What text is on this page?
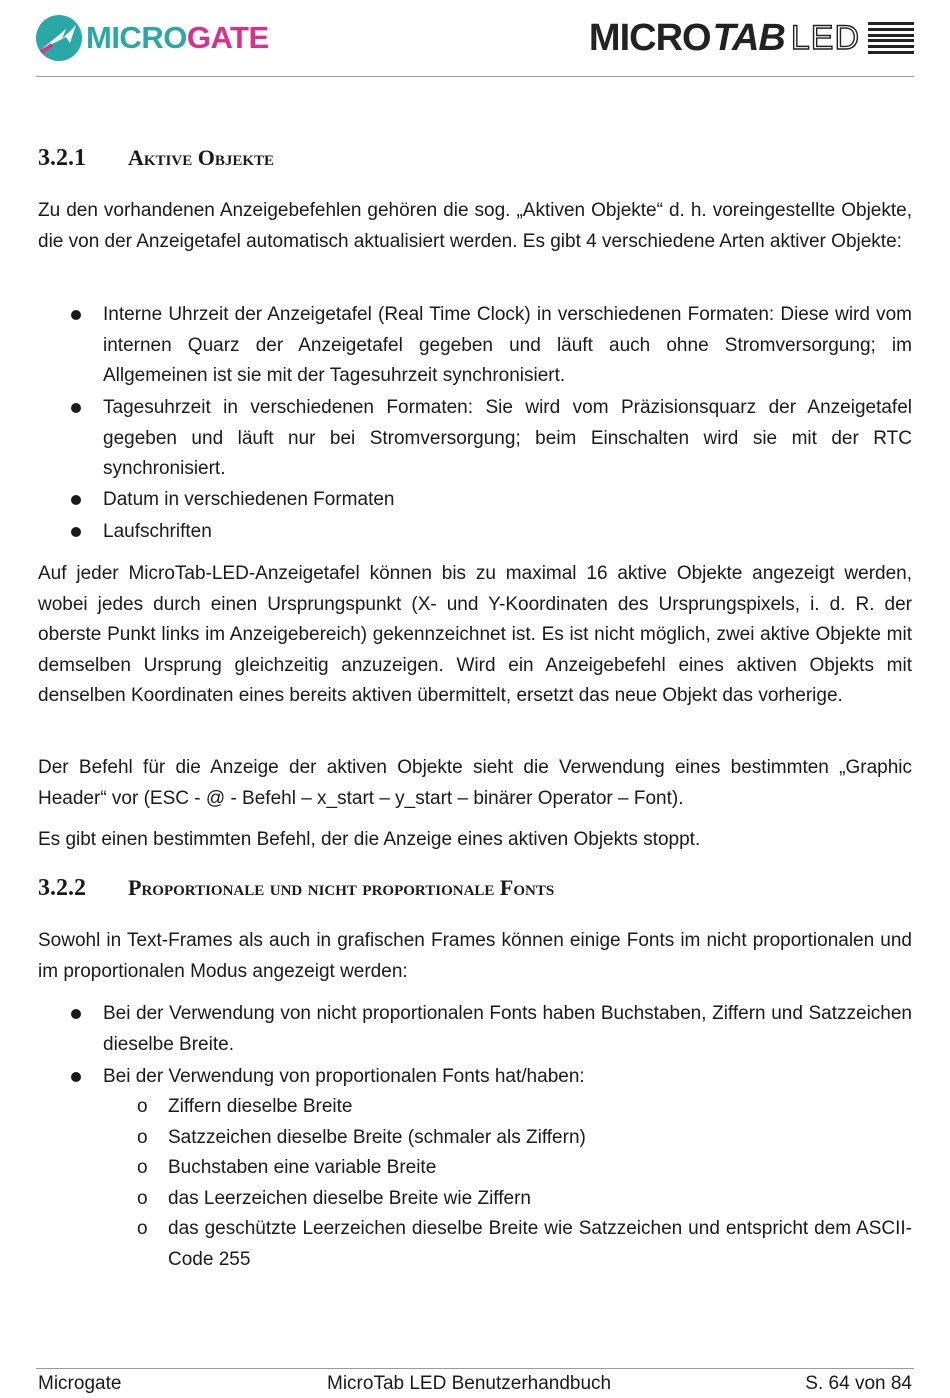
MICROGATE	MICRO TAB LED
3.2.1 Aktive Objekte

Zu den vorhandenen Anzeigebefehlen gehören die sog. „Aktiven Objekte“ d. h. voreingestellte Objekte, die von der Anzeigetafel automatisch aktualisiert werden. Es gibt 4 verschiedene Arten aktiver Objekte:

Interne Uhrzeit der Anzeigetafel (Real Time Clock) in verschiedenen Formaten: Diese wird vom internen Quarz der Anzeigetafel gegeben und läuft auch ohne Stromversorgung; im Allgemeinen ist sie mit der Tagesuhrzeit synchronisiert.

Tagesuhrzeit in verschiedenen Formaten: Sie wird vom Präzisionsquarz der Anzeigetafel gegeben und läuft nur bei Stromversorgung; beim Einschalten wird sie mit der RTC synchronisiert.

Datum in verschiedenen Formaten

Laufschriften

Auf jeder MicroTab-LED-Anzeigetafel können bis zu maximal 16 aktive Objekte angezeigt werden, wobei jedes durch einen Ursprungspunkt (X- und Y-Koordinaten des Ursprungspixels, i. d. R. der oberste Punkt links im Anzeigebereich) gekennzeichnet ist. Es ist nicht möglich, zwei aktive Objekte mit demselben Ursprung gleichzeitig anzuzeigen. Wird ein Anzeigebefehl eines aktiven Objekts mit denselben Koordinaten eines bereits aktiven übermittelt, ersetzt das neue Objekt das vorherige.

Der Befehl für die Anzeige der aktiven Objekte sieht die Verwendung eines bestimmten „Graphic Header“ vor (ESC - @ - Befehl – x_start – y_start – binärer Operator – Font).

Es gibt einen bestimmten Befehl, der die Anzeige eines aktiven Objekts stoppt.

3.2.2 Proportionale und nicht proportionale Fonts

Sowohl in Text-Frames als auch in grafischen Frames können einige Fonts im nicht proportionalen und im proportionalen Modus angezeigt werden:

Bei der Verwendung von nicht proportionalen Fonts haben Buchstaben, Ziffern und Satzzeichen dieselbe Breite.

Bei der Verwendung von proportionalen Fonts hat/haben:

o Ziffern dieselbe Breite

o Satzzeichen dieselbe Breite (schmaler als Ziffern)

o Buchstaben eine variable Breite

o das Leerzeichen dieselbe Breite wie Ziffern

o das geschützte Leerzeichen dieselbe Breite wie Satzzeichen und entspricht dem ASCII-Code 255

Microgate	MicroTab LED Benutzerhandbuch	S. 64 von 84
